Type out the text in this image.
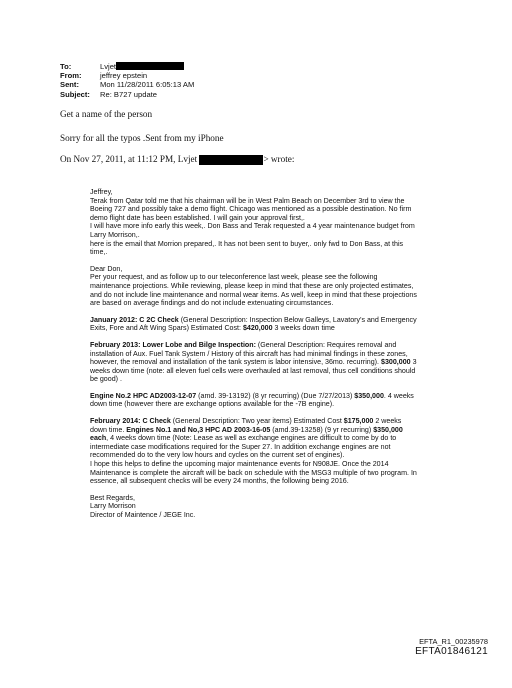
To:	Lvjet
From:	jeffrey epstein
Sent:	Mon 11/28/2011 6:05:13 AM
Subject:	Re: B727 update
Get a name of the person
Sorry for all the typos .Sent from my iPhone
On Nov 27, 2011, at 11:12 PM, Lvjet	> wrote:

Jeffrey,

Terak from Qatar told me that his chairman will be in West Palm Beach on December 3rd to view the Boeing 727 and possibly take a demo flight. Chicago was mentioned as a possible destination. No firm demo flight date has been established. I will gain your approval first,.

I will have more info early this week,. Don Bass and Terak requested a 4 year maintenance budget from Larry Morrison,.

here is the email that Morrion prepared,. It has not been sent to buyer,. only fwd to Don Bass, at this time,.

Dear Don,

Per your request, and as follow up to our teleconference last week, please see the following maintenance projections. While reviewing, please keep in mind that these are only projected estimates, and do not include line maintenance and normal wear items. As well, keep in mind that these projections are based on average findings and do not include extenuating circumstances.

January 2012: C 2C Check (General Description: Inspection Below Galleys, Lavatory's and Emergency Exits, Fore and Aft Wing Spars) Estimated Cost: $420,000 3 weeks down time

February 2013: Lower Lobe and Bilge Inspection: (General Description: Requires removal and installation of Aux. Fuel Tank System / History of this aircraft has had minimal findings in these zones, however, the removal and installation of the tank system is labor intensive, 36mo. recurring). $300,000 3 weeks down time (note: all eleven fuel cells were overhauled at last removal, thus cell conditions should be good) .

Engine No.2 HPC AD2003-12-07 (amd. 39-13192) (8 yr recurring) (Due 7/27/2013) $350,000. 4 weeks down time (however there are exchange options available for the -7B engine).

February 2014: C Check (General Description: Two year items) Estimated Cost $175,000 2 weeks down time. Engines No.1 and No,3 HPC AD 2003-16-05 (amd.39-13258) (9 yr recurring) $350,000 each, 4 weeks down time (Note: Lease as well as exchange engines are difficult to come by do to intermediate case modifications required for the Super 27. In addition exchange engines are not recommended do to the very low hours and cycles on the current set of engines).

I hope this helps to define the upcoming major maintenance events for N908JE. Once the 2014 Maintenance is complete the aircraft will be back on schedule with the MSG3 multiple of two program. In essence, all subsequent checks will be every 24 months, the following being 2016.

Best Regards,

Larry Morrison

Director of Maintence / JEGE Inc.

EFTA_R1_00235978
EFTA01846121
